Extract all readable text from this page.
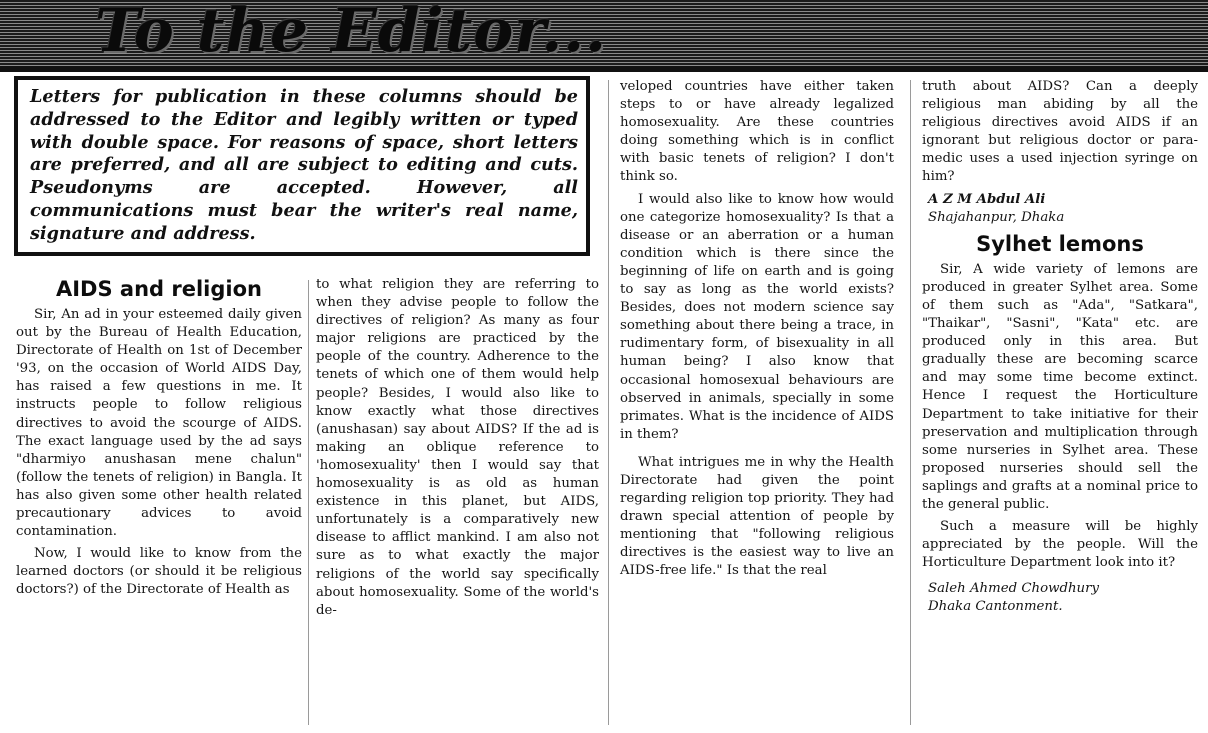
To the Editor...

Letters for publication in these columns should be addressed to the Editor and legibly written or typed with double space. For reasons of space, short letters are preferred, and all are subject to editing and cuts. Pseudonyms are accepted. However, all communications must bear the writer's real name, signature and address.

AIDS and religion

Sir, An ad in your esteemed daily given out by the Bureau of Health Education, Directorate of Health on 1st of December '93, on the occasion of World AIDS Day, has raised a few questions in me. It instructs people to follow religious directives to avoid the scourge of AIDS. The exact language used by the ad says "dharmiyo anushasan mene chalun" (follow the tenets of religion) in Bangla. It has also given some other health related precautionary advices to avoid contamination.

Now, I would like to know from the learned doctors (or should it be religious doctors?) of the Directorate of Health as

to what religion they are referring to when they advise people to follow the directives of religion? As many as four major religions are practiced by the people of the country. Adherence to the tenets of which one of them would help people? Besides, I would also like to know exactly what those directives (anushasan) say about AIDS? If the ad is making an oblique reference to 'homosexuality' then I would say that homosexuality is as old as human existence in this planet, but AIDS, unfortunately is a comparatively new disease to afflict mankind. I am also not sure as to what exactly the major religions of the world say specifically about homosexuality. Some of the world's de-

veloped countries have either taken steps to or have already legalized homosexuality. Are these countries doing something which is in conflict with basic tenets of religion? I don't think so.

I would also like to know how would one categorize homosexuality? Is that a disease or an aberration or a human condition which is there since the beginning of life on earth and is going to say as long as the world exists? Besides, does not modern science say something about there being a trace, in rudimentary form, of bisexuality in all human being? I also know that occasional homosexual behaviours are observed in animals, specially in some primates. What is the incidence of AIDS in them?

What intrigues me in why the Health Directorate had given the point regarding religion top priority. They had drawn special attention of people by mentioning that "following religious directives is the easiest way to live an AIDS-free life." Is that the real

truth about AIDS? Can a deeply religious man abiding by all the religious directives avoid AIDS if an ignorant but religious doctor or para-medic uses a used injection syringe on him?

A Z M Abdul Ali
Shajahanpur, Dhaka
Sylhet lemons

Sir, A wide variety of lemons are produced in greater Sylhet area. Some of them such as "Ada", "Satkara", "Thaikar", "Sasni", "Kata" etc. are produced only in this area. But gradually these are becoming scarce and may some time become extinct. Hence I request the Horticulture Department to take initiative for their preservation and multiplication through some nurseries in Sylhet area. These proposed nurseries should sell the saplings and grafts at a nominal price to the general public.

Such a measure will be highly appreciated by the people. Will the Horticulture Department look into it?

Saleh Ahmed Chowdhury
Dhaka Cantonment.
